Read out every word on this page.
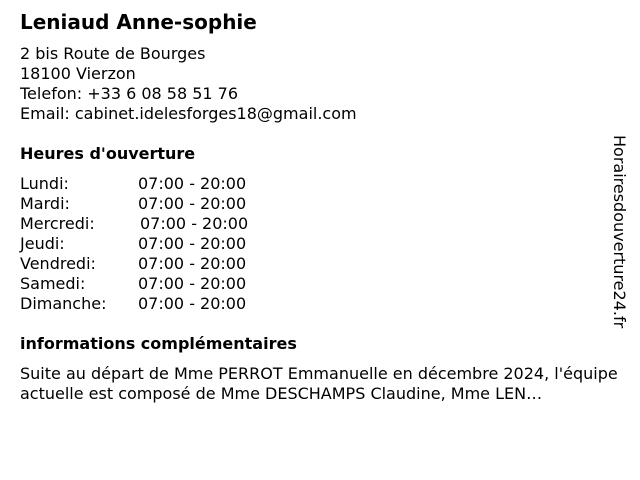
Leniaud Anne-sophie
2 bis Route de Bourges
18100 Vierzon
Telefon: +33 6 08 58 51 76
Email: cabinet.idelesforges18@gmail.com
Heures d'ouverture
Lundi:	07:00 - 20:00
Mardi:	07:00 - 20:00
Mercredi:	07:00 - 20:00
Jeudi:	07:00 - 20:00
Vendredi:	07:00 - 20:00
Samedi:	07:00 - 20:00
Dimanche: 07:00 - 20:00
informations complémentaires
Suite au départ de Mme PERROT Emmanuelle en décembre 2024, l'équipe actuelle est composé de Mme DESCHAMPS Claudine, Mme LEN…
Horairesdouverture24.fr
